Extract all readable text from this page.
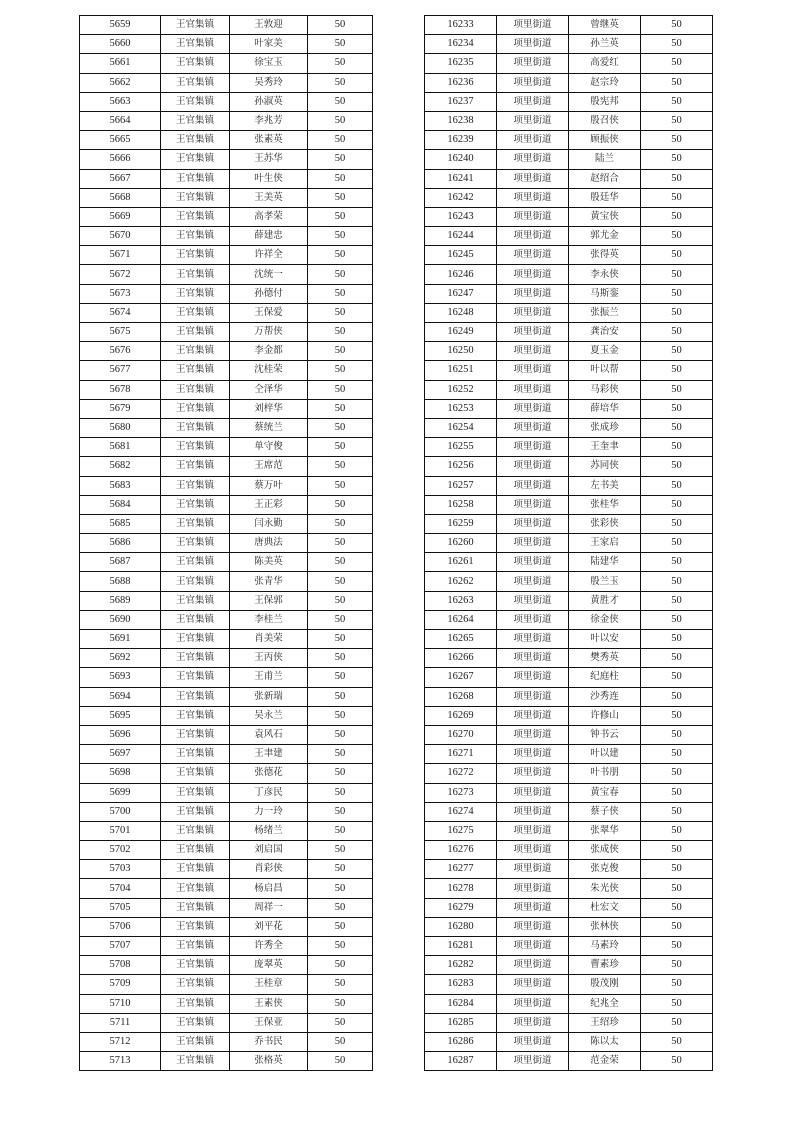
5659	王官集镇	王敦迎	50
5660	王官集镇	叶家美	50
5661	王官集镇	徐宝玉	50
5662	王官集镇	吴秀玲	50
5663	王官集镇	孙淑英	50
5664	王官集镇	李兆芳	50
5665	王官集镇	张素英	50
5666	王官集镇	王苏华	50
5667	王官集镇	叶生侠	50
5668	王官集镇	王美英	50
5669	王官集镇	高孝荣	50
5670	王官集镇	薛建忠	50
5671	王官集镇	许祥全	50
5672	王官集镇	沈统一	50
5673	王官集镇	孙德付	50
5674	王官集镇	王保爱	50
5675	王官集镇	万帮侠	50
5676	王官集镇	李金都	50
5677	王官集镇	沈桂荣	50
5678	王官集镇	仝泽华	50
5679	王官集镇	刘梓华	50
5680	王官集镇	蔡统兰	50
5681	王官集镇	单守俊	50
5682	王官集镇	王席范	50
5683	王官集镇	蔡万叶	50
5684	王官集镇	王正彩	50
5685	王官集镇	闫永勤	50
5686	王官集镇	唐典法	50
5687	王官集镇	陈美英	50
5688	王官集镇	张青华	50
5689	王官集镇	王保郭	50
5690	王官集镇	李桂兰	50
5691	王官集镇	肖美荣	50
5692	王官集镇	王丙侠	50
5693	王官集镇	王甫兰	50
5694	王官集镇	张新瑞	50
5695	王官集镇	吴永兰	50
5696	王官集镇	袁风石	50
5697	王官集镇	王聿建	50
5698	王官集镇	张德花	50
5699	王官集镇	丁彦民	50
5700	王官集镇	力一玲	50
5701	王官集镇	杨绪兰	50
5702	王官集镇	刘启国	50
5703	王官集镇	肖彩侠	50
5704	王官集镇	杨启昌	50
5705	王官集镇	周祥一	50
5706	王官集镇	刘平花	50
5707	王官集镇	许秀全	50
5708	王官集镇	庞翠英	50
5709	王官集镇	王桂章	50
5710	王官集镇	王素侠	50
5711	王官集镇	王保亚	50
5712	王官集镇	乔书民	50
5713	王官集镇	张格英	50
16233	项里街道	曾继英	50
16234	项里街道	孙兰英	50
16235	项里街道	高爱红	50
16236	项里街道	赵宗玲	50
16237	项里街道	殷宪邦	50
16238	项里街道	殷召侠	50
16239	项里街道	顾振侠	50
16240	项里街道	陆兰	50
16241	项里街道	赵绍合	50
16242	项里街道	殷廷华	50
16243	项里街道	黄宝侠	50
16244	项里街道	郭尤金	50
16245	项里街道	张得英	50
16246	项里街道	李永侠	50
16247	项里街道	马斯銮	50
16248	项里街道	张振兰	50
16249	项里街道	龚治安	50
16250	项里街道	夏玉金	50
16251	项里街道	叶以帮	50
16252	项里街道	马彩侠	50
16253	项里街道	薛培华	50
16254	项里街道	张成珍	50
16255	项里街道	王奎聿	50
16256	项里街道	苏同侠	50
16257	项里街道	左书美	50
16258	项里街道	张桂华	50
16259	项里街道	张彩侠	50
16260	项里街道	王家启	50
16261	项里街道	陆建华	50
16262	项里街道	殷兰玉	50
16263	项里街道	黄胜才	50
16264	项里街道	徐金侠	50
16265	项里街道	叶以安	50
16266	项里街道	樊秀英	50
16267	项里街道	纪庭柱	50
16268	项里街道	沙秀连	50
16269	项里街道	许修山	50
16270	项里街道	钟书云	50
16271	项里街道	叶以建	50
16272	项里街道	叶书朋	50
16273	项里街道	黄宝春	50
16274	项里街道	蔡子侠	50
16275	项里街道	张翠华	50
16276	项里街道	张成侠	50
16277	项里街道	张克俊	50
16278	项里街道	朱光侠	50
16279	项里街道	杜宏文	50
16280	项里街道	张林侠	50
16281	项里街道	马素玲	50
16282	项里街道	曹素珍	50
16283	项里街道	殷茂刚	50
16284	项里街道	纪兆全	50
16285	项里街道	王绍珍	50
16286	项里街道	陈以太	50
16287	项里街道	范金荣	50
